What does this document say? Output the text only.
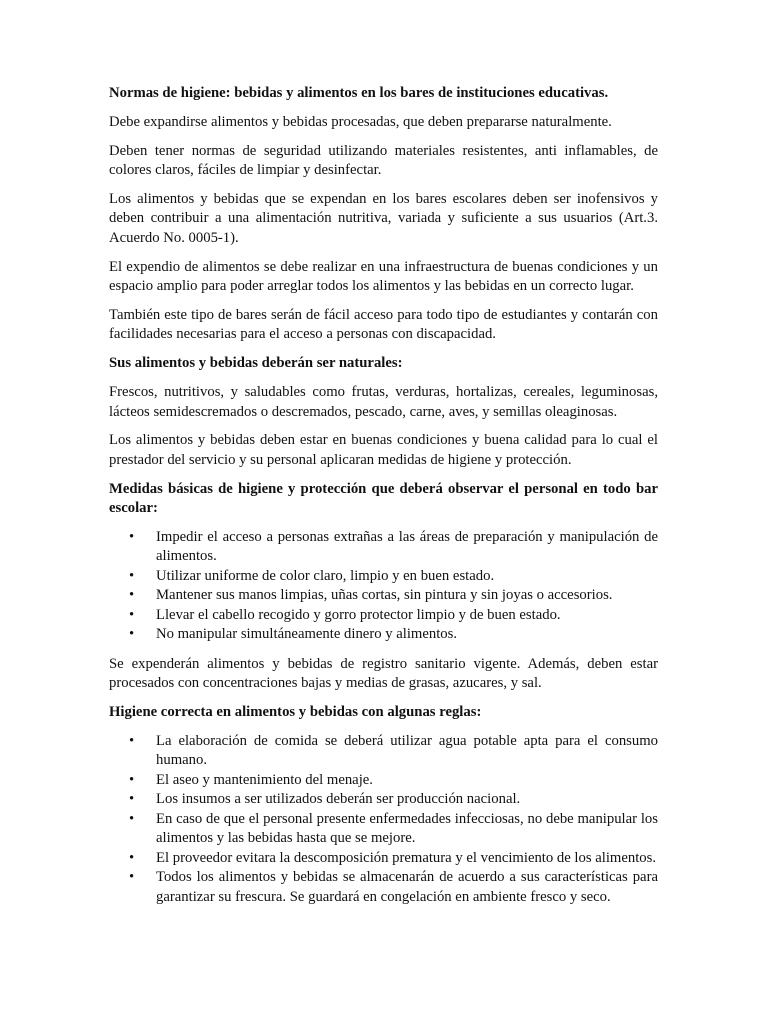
Normas de higiene: bebidas y alimentos en los bares de instituciones educativas.

Debe expandirse alimentos y bebidas procesadas, que deben prepararse naturalmente.

Deben tener normas de seguridad utilizando materiales resistentes, anti inflamables, de colores claros, fáciles de limpiar y desinfectar.

Los alimentos y bebidas que se expendan en los bares escolares deben ser inofensivos y deben contribuir a una alimentación nutritiva, variada y suficiente a sus usuarios (Art.3. Acuerdo No. 0005-1).

El expendio de alimentos se debe realizar en una infraestructura de buenas condiciones y un espacio amplio para poder arreglar todos los alimentos y las bebidas en un correcto lugar.

También este tipo de bares serán de fácil acceso para todo tipo de estudiantes y contarán con facilidades necesarias para el acceso a personas con discapacidad.

Sus alimentos y bebidas deberán ser naturales:

Frescos, nutritivos, y saludables como frutas, verduras, hortalizas, cereales, leguminosas, lácteos semidescremados o descremados, pescado, carne, aves, y semillas oleaginosas.

Los alimentos y bebidas deben estar en buenas condiciones y buena calidad para lo cual el prestador del servicio y su personal aplicaran medidas de higiene y protección.

Medidas básicas de higiene y protección que deberá observar el personal en todo bar escolar:
• Impedir el acceso a personas extrañas a las áreas de preparación y manipulación de alimentos.
• Utilizar uniforme de color claro, limpio y en buen estado.
• Mantener sus manos limpias, uñas cortas, sin pintura y sin joyas o accesorios.
• Llevar el cabello recogido y gorro protector limpio y de buen estado.
• No manipular simultáneamente dinero y alimentos.

Se expenderán alimentos y bebidas de registro sanitario vigente. Además, deben estar procesados con concentraciones bajas y medias de grasas, azucares, y sal.

Higiene correcta en alimentos y bebidas con algunas reglas:
• La elaboración de comida se deberá utilizar agua potable apta para el consumo humano.
• El aseo y mantenimiento del menaje.
• Los insumos a ser utilizados deberán ser producción nacional.
• En caso de que el personal presente enfermedades infecciosas, no debe manipular los alimentos y las bebidas hasta que se mejore.
• El proveedor evitara la descomposición prematura y el vencimiento de los alimentos.
• Todos los alimentos y bebidas se almacenarán de acuerdo a sus características para garantizar su frescura. Se guardará en congelación en ambiente fresco y seco.
